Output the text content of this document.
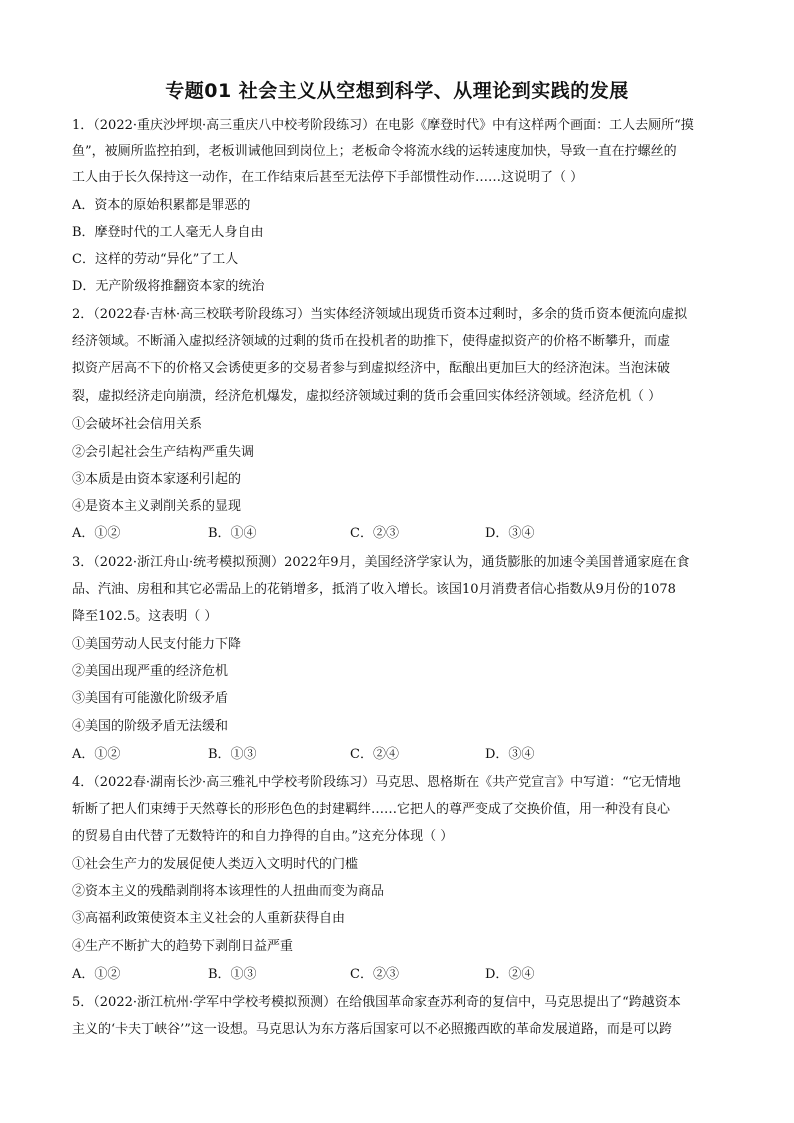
专题01 社会主义从空想到科学、从理论到实践的发展
1．（2022·重庆沙坪坝·高三重庆八中校考阶段练习）在电影《摩登时代》中有这样两个画面：工人去厕所“摸
鱼”，被厕所监控拍到，老板训诫他回到岗位上；老板命令将流水线的运转速度加快，导致一直在拧螺丝的
工人由于长久保持这一动作，在工作结束后甚至无法停下手部惯性动作……这说明了（ ）
A．资本的原始积累都是罪恶的
B．摩登时代的工人毫无人身自由
C．这样的劳动“异化”了工人
D．无产阶级将推翻资本家的统治
2．（2022春·吉林·高三校联考阶段练习）当实体经济领域出现货币资本过剩时，多余的货币资本便流向虚拟
经济领域。不断涌入虚拟经济领域的过剩的货币在投机者的助推下，使得虚拟资产的价格不断攀升，而虚
拟资产居高不下的价格又会诱使更多的交易者参与到虚拟经济中，酝酿出更加巨大的经济泡沫。当泡沫破
裂，虚拟经济走向崩溃，经济危机爆发，虚拟经济领域过剩的货币会重回实体经济领域。经济危机（ ）
①会破坏社会信用关系
②会引起社会生产结构严重失调
③本质是由资本家逐利引起的
④是资本主义剥削关系的显现
A．①②	B．①④	C．②③	D．③④
3．（2022·浙江舟山·统考模拟预测）2022年9月，美国经济学家认为，通货膨胀的加速令美国普通家庭在食
品、汽油、房租和其它必需品上的花销增多，抵消了收入增长。该国10月消费者信心指数从9月份的1078
降至102.5。这表明（ ）
①美国劳动人民支付能力下降
②美国出现严重的经济危机
③美国有可能激化阶级矛盾
④美国的阶级矛盾无法缓和
A．①②	B．①③	C．②④	D．③④
4．（2022春·湖南长沙·高三雅礼中学校考阶段练习）马克思、恩格斯在《共产党宣言》中写道：“它无情地
斩断了把人们束缚于天然尊长的形形色色的封建羁绊……它把人的尊严变成了交换价值，用一种没有良心
的贸易自由代替了无数特许的和自力挣得的自由。”这充分体现（ ）
①社会生产力的发展促使人类迈入文明时代的门槛
②资本主义的残酷剥削将本该理性的人扭曲而变为商品
③高福利政策使资本主义社会的人重新获得自由
④生产不断扩大的趋势下剥削日益严重
A．①②	B．①③	C．②③	D．②④
5．（2022·浙江杭州·学军中学校考模拟预测）在给俄国革命家查苏利奇的复信中，马克思提出了“跨越资本
主义的‘卡夫丁峡谷’”这一设想。马克思认为东方落后国家可以不必照搬西欧的革命发展道路，而是可以跨
